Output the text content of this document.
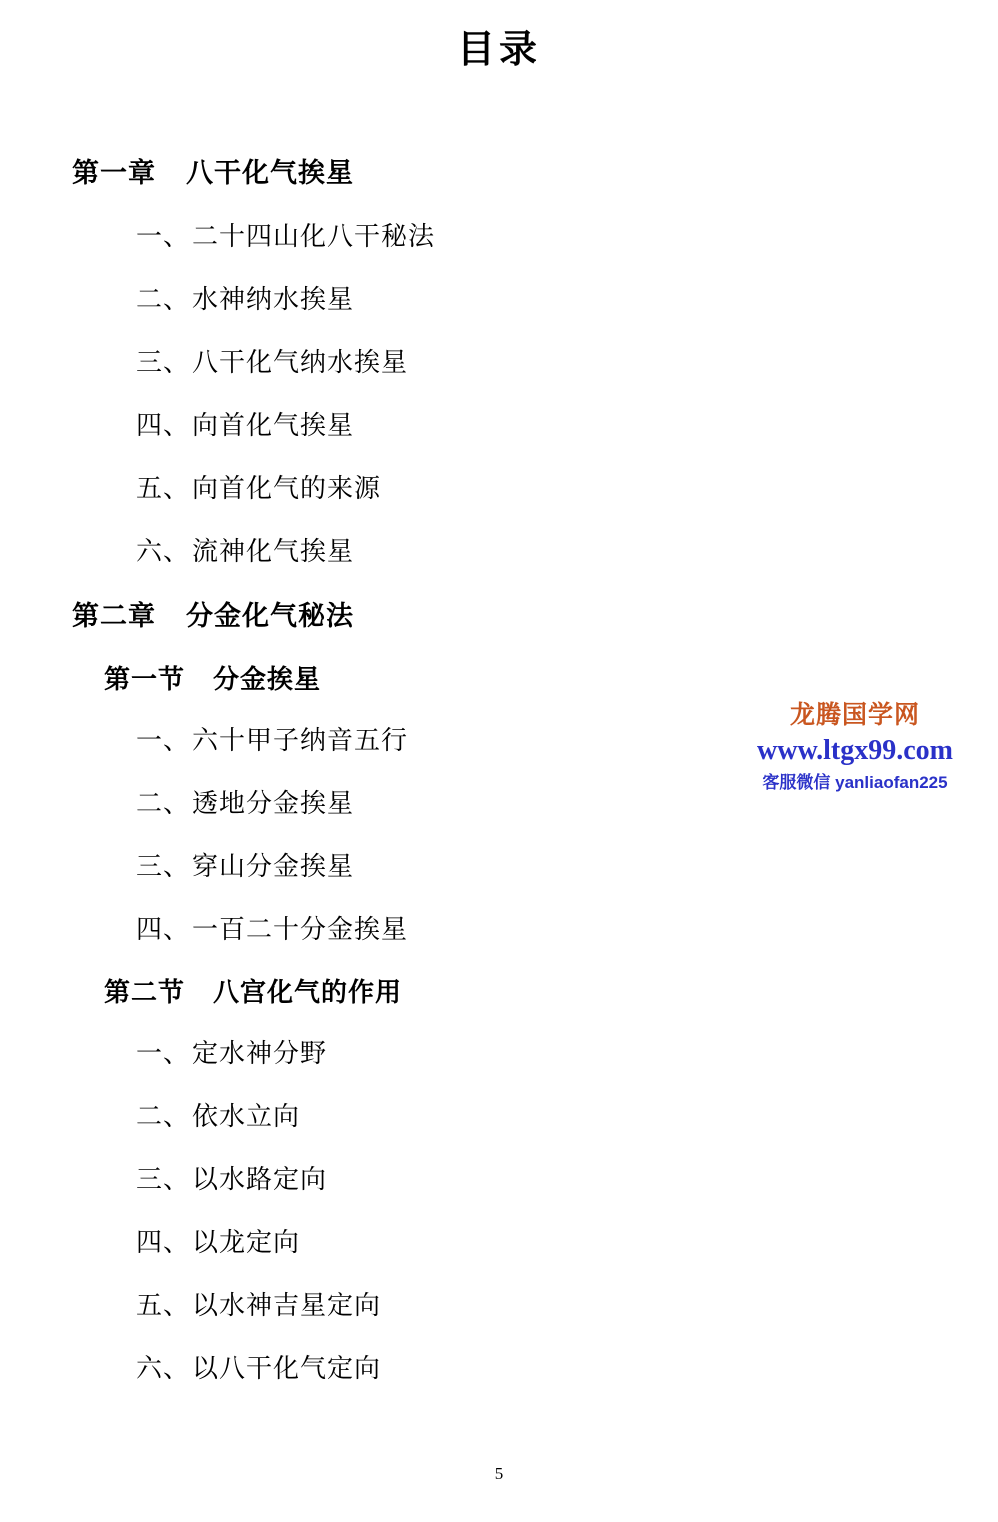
目录
第一章 八干化气挨星
一、二十四山化八干秘法
二、水神纳水挨星
三、八干化气纳水挨星
四、向首化气挨星
五、向首化气的来源
六、流神化气挨星
第二章 分金化气秘法
第一节 分金挨星
一、六十甲子纳音五行
二、透地分金挨星
三、穿山分金挨星
四、一百二十分金挨星
第二节 八宫化气的作用
一、定水神分野
二、依水立向
三、以水路定向
四、以龙定向
五、以水神吉星定向
六、以八干化气定向
龙腾国学网
www.ltgx99.com
客服微信 yanliaofan225
5
